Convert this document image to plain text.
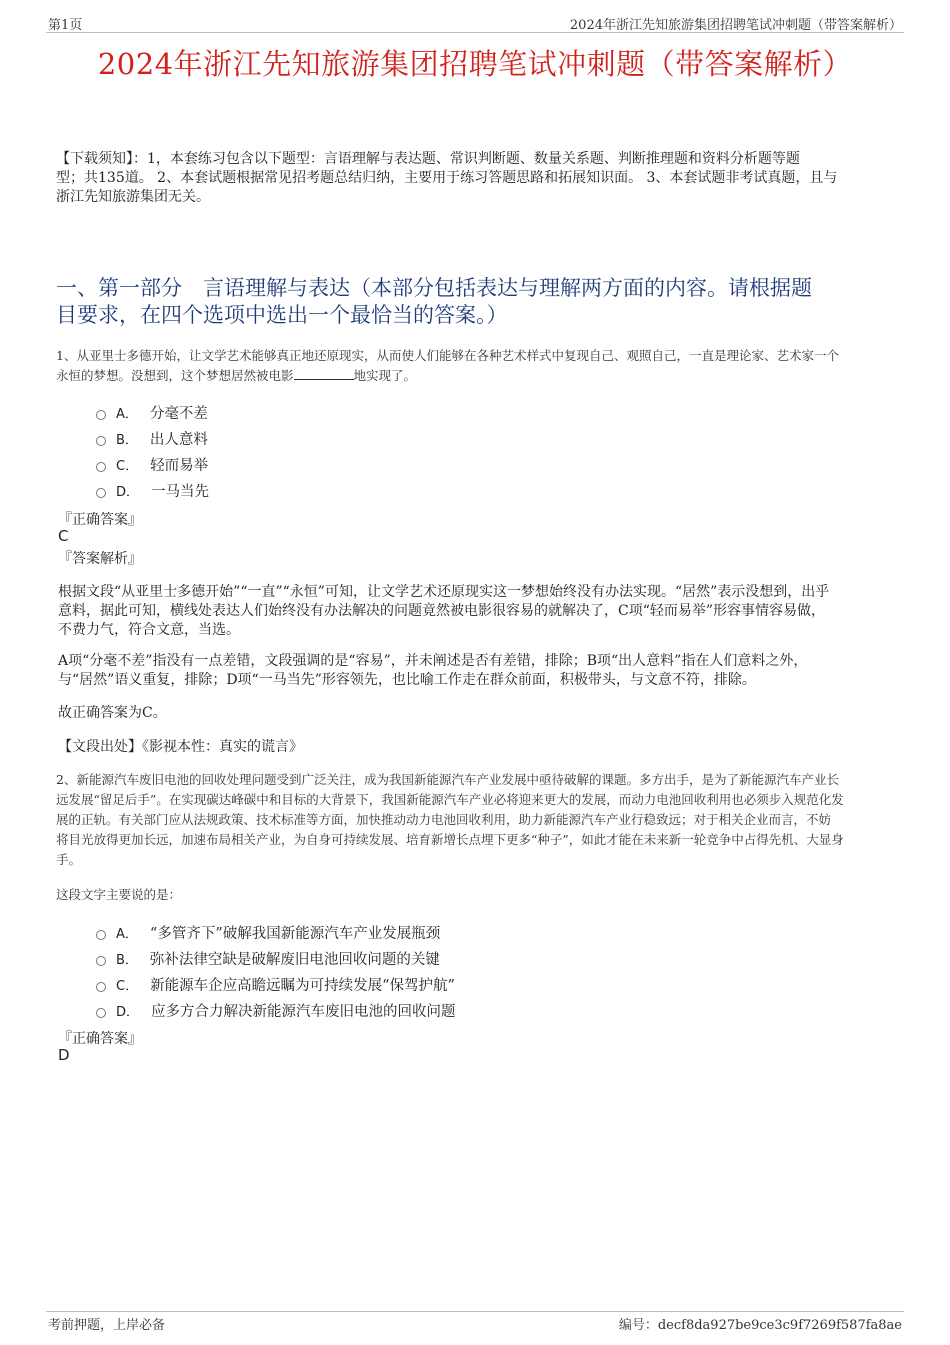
第1页	2024年浙江先知旅游集团招聘笔试冲刺题（带答案解析）
2024年浙江先知旅游集团招聘笔试冲刺题（带答案解析）
【下载须知】：1，本套练习包含以下题型：言语理解与表达题、常识判断题、数量关系题、判断推理题和资料分析题等题
型；共135道。 2、本套试题根据常见招考题总结归纳，主要用于练习答题思路和拓展知识面。 3、本套试题非考试真题，且与
浙江先知旅游集团无关。
一、第一部分　言语理解与表达（本部分包括表达与理解两方面的内容。请根据题
目要求，在四个选项中选出一个最恰当的答案。）
1、从亚里士多德开始，让文学艺术能够真正地还原现实，从而使人们能够在各种艺术样式中复现自己、观照自己，一直是理论家、艺术家一个
永恒的梦想。没想到，这个梦想居然被电影	地实现了。
A． 分毫不差
B． 出人意料
C． 轻而易举
D． 一马当先
『正确答案』
C
『答案解析』
根据文段“从亚里士多德开始”“一直”“永恒”可知，让文学艺术还原现实这一梦想始终没有办法实现。“居然”表示没想到，出乎
意料，据此可知，横线处表达人们始终没有办法解决的问题竟然被电影很容易的就解决了，C项“轻而易举”形容事情容易做，
不费力气，符合文意，当选。
A项“分毫不差”指没有一点差错，文段强调的是“容易”，并未阐述是否有差错，排除；B项“出人意料”指在人们意料之外，
与“居然”语义重复，排除；D项“一马当先”形容领先，也比喻工作走在群众前面，积极带头，与文意不符，排除。
故正确答案为C。
【文段出处】《影视本性：真实的谎言》
2、新能源汽车废旧电池的回收处理问题受到广泛关注，成为我国新能源汽车产业发展中亟待破解的课题。多方出手，是为了新能源汽车产业长
远发展“留足后手”。在实现碳达峰碳中和目标的大背景下，我国新能源汽车产业必将迎来更大的发展，而动力电池回收利用也必须步入规范化发
展的正轨。有关部门应从法规政策、技术标准等方面，加快推动动力电池回收利用，助力新能源汽车产业行稳致远；对于相关企业而言，不妨
将目光放得更加长远，加速布局相关产业，为自身可持续发展、培育新增长点埋下更多“种子”，如此才能在未来新一轮竞争中占得先机、大显身
手。
这段文字主要说的是：
A． “多管齐下”破解我国新能源汽车产业发展瓶颈
B． 弥补法律空缺是破解废旧电池回收问题的关键
C． 新能源车企应高瞻远瞩为可持续发展“保驾护航”
D． 应多方合力解决新能源汽车废旧电池的回收问题
『正确答案』
D
考前押题，上岸必备	编号：decf8da927be9ce3c9f7269f587fa8ae
